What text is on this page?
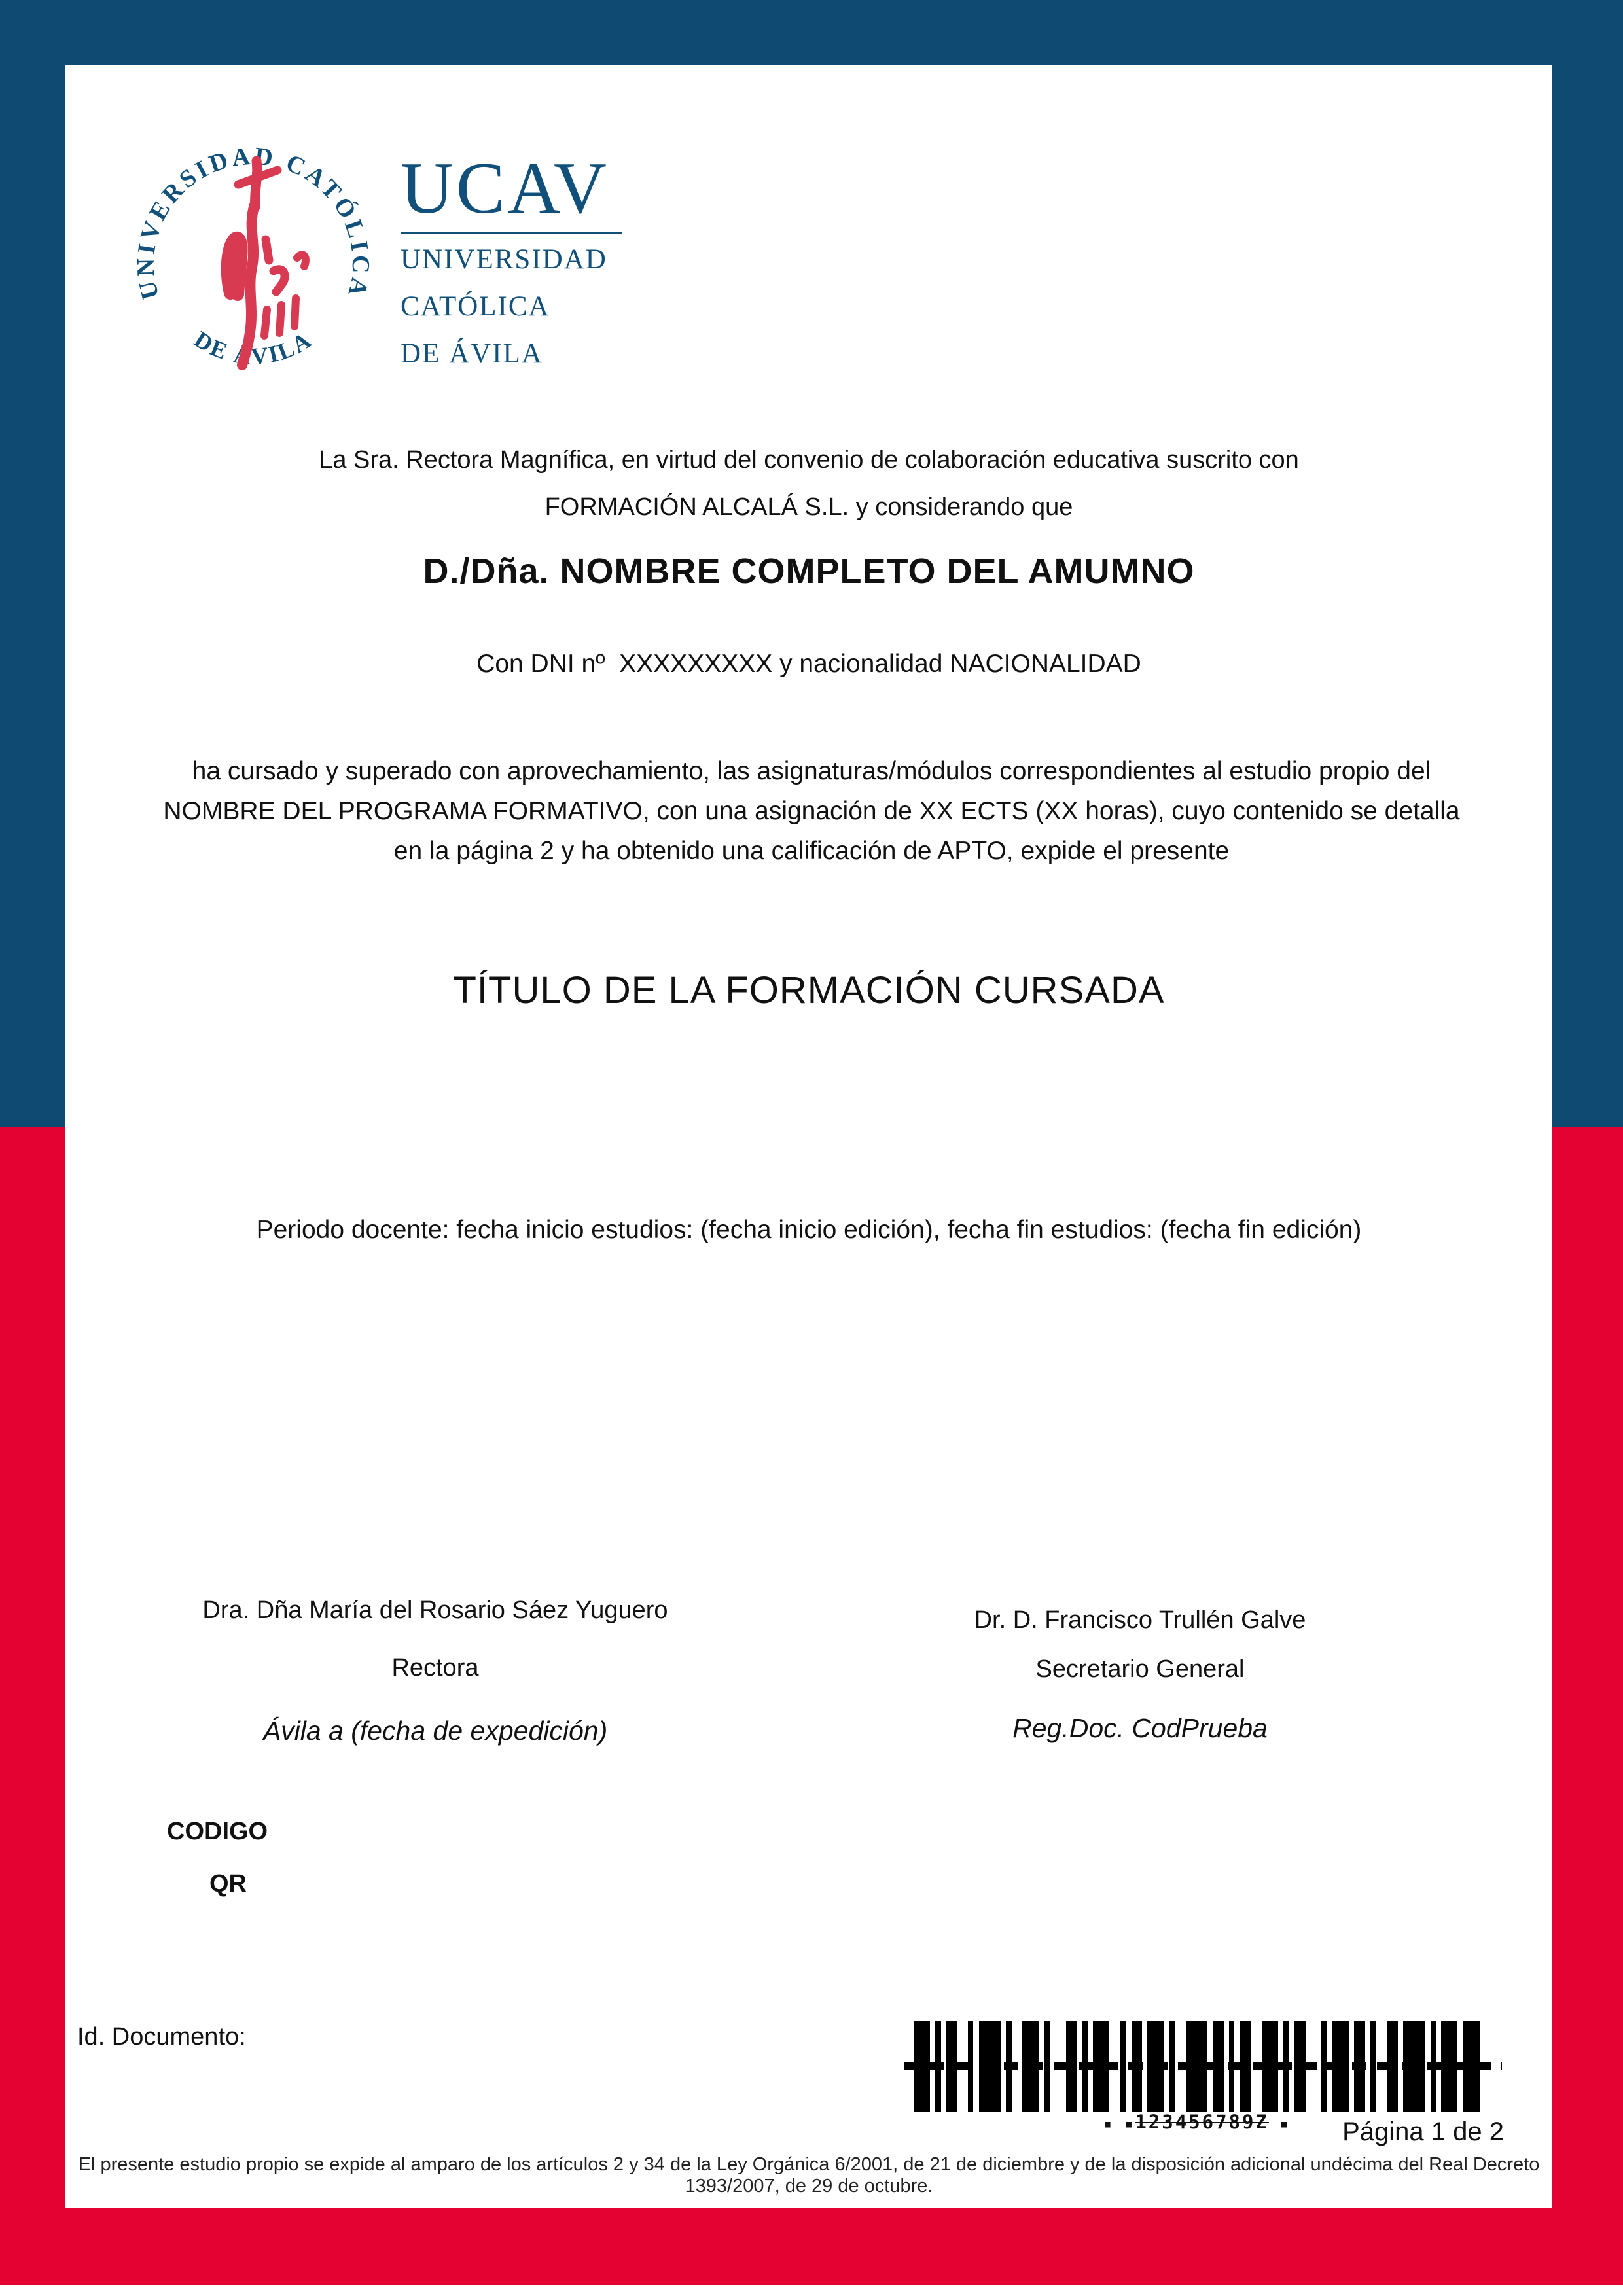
UNIVERSIDAD CATÓLICA
DE ÁVILA
UCAV
UNIVERSIDAD
CATÓLICA
DE ÁVILA
La Sra. Rectora Magnífica, en virtud del convenio de colaboración educativa suscrito con
FORMACIÓN ALCALÁ S.L. y considerando que
D./Dña. NOMBRE COMPLETO DEL AMUMNO
Con DNI nº  XXXXXXXXX y nacionalidad NACIONALIDAD
ha cursado y superado con aprovechamiento, las asignaturas/módulos correspondientes al estudio propio del NOMBRE DEL PROGRAMA FORMATIVO, con una asignación de XX ECTS (XX horas), cuyo contenido se detalla en la página 2 y ha obtenido una calificación de APTO, expide el presente
TÍTULO DE LA FORMACIÓN CURSADA
Periodo docente: fecha inicio estudios: (fecha inicio edición), fecha fin estudios: (fecha fin edición)
Dra. Dña María del Rosario Sáez Yuguero
Rectora
Ávila a (fecha de expedición)
Dr. D. Francisco Trullén Galve
Secretario General
Reg.Doc. CodPrueba
CODIGO
QR
Id. Documento:
▪ ▪123456789Z ▪	Página 1 de 2
El presente estudio propio se expide al amparo de los artículos 2 y 34 de la Ley Orgánica 6/2001, de 21 de diciembre y de la disposición adicional undécima del Real Decreto 1393/2007, de 29 de octubre.
